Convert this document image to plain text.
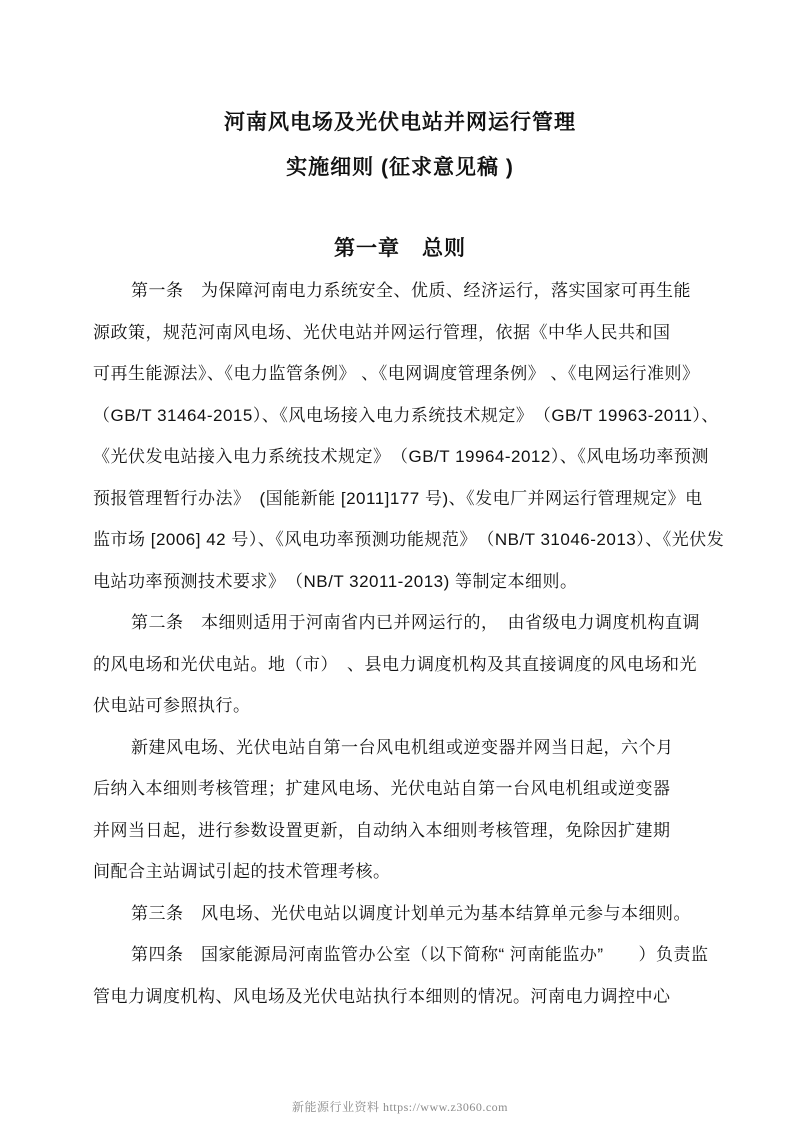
河南风电场及光伏电站并网运行管理
实施细则 (征求意见稿 )
第一章　总则
第一条　为保障河南电力系统安全、优质、经济运行，落实国家可再生能
源政策，规范河南风电场、光伏电站并网运行管理，依据《中华人民共和国
可再生能源法》、《电力监管条例》 、《电网调度管理条例》 、《电网运行准则》
（GB/T 31464-2015）、《风电场接入电力系统技术规定》　（GB/T 19963-2011）、
《光伏发电站接入电力系统技术规定》　（GB/T 19964-2012）、《风电场功率预测
预报管理暂行办法》　(国能新能 [2011]177 号)、《发电厂并网运行管理规定》电
监市场 [2006] 42 号）、《风电功率预测功能规范》　（NB/T 31046-2013）、《光伏发
电站功率预测技术要求》　（NB/T 32011-2013) 等制定本细则。
第二条　本细则适用于河南省内已并网运行的，　由省级电力调度机构直调
的风电场和光伏电站。地（市）　、县电力调度机构及其直接调度的风电场和光
伏电站可参照执行。
新建风电场、光伏电站自第一台风电机组或逆变器并网当日起，六个月
后纳入本细则考核管理；扩建风电场、光伏电站自第一台风电机组或逆变器
并网当日起，进行参数设置更新，自动纳入本细则考核管理，免除因扩建期
间配合主站调试引起的技术管理考核。
第三条　风电场、光伏电站以调度计划单元为基本结算单元参与本细则。
第四条　国家能源局河南监管办公室（以下简称“ 河南能监办”　　）负责监
管电力调度机构、风电场及光伏电站执行本细则的情况。河南电力调控中心
新能源行业资料 https://www.z3060.com
